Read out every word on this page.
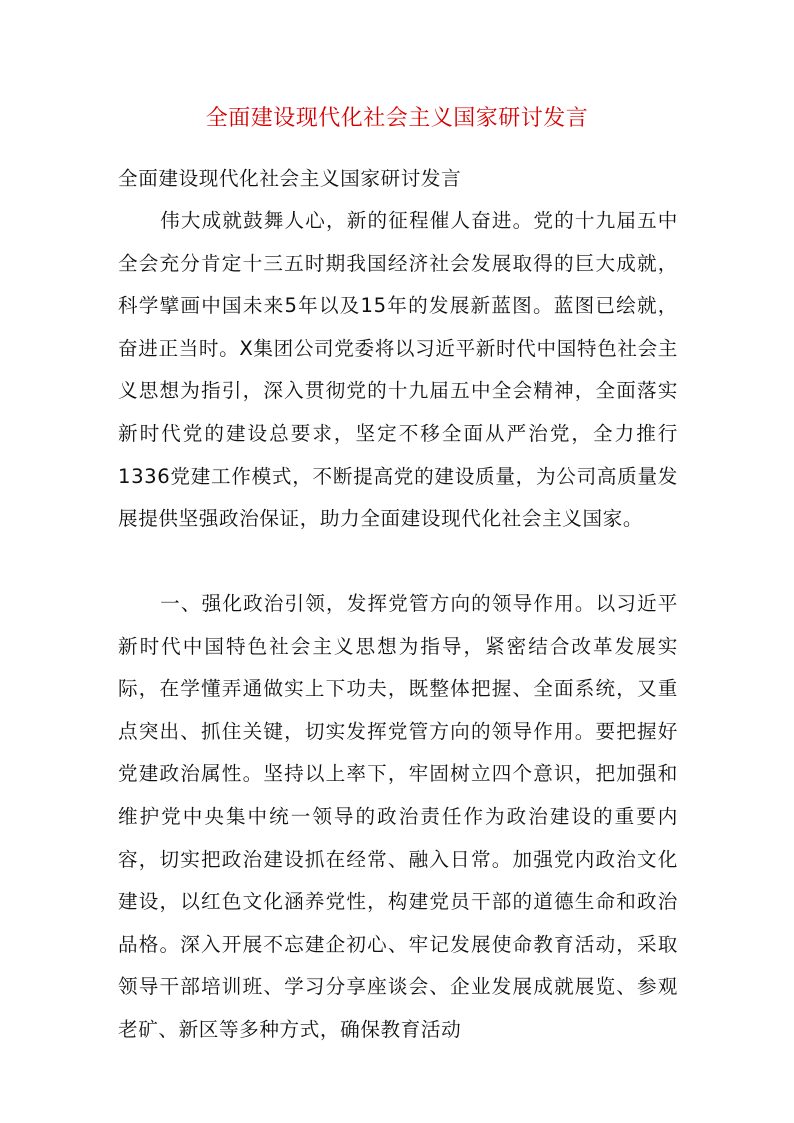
全面建设现代化社会主义国家研讨发言

全面建设现代化社会主义国家研讨发言

伟大成就鼓舞人心，新的征程催人奋进。党的十九届五中全会充分肯定十三五时期我国经济社会发展取得的巨大成就，科学擘画中国未来5年以及15年的发展新蓝图。蓝图已绘就，奋进正当时。X集团公司党委将以习近平新时代中国特色社会主义思想为指引，深入贯彻党的十九届五中全会精神，全面落实新时代党的建设总要求，坚定不移全面从严治党，全力推行1336党建工作模式，不断提高党的建设质量，为公司高质量发展提供坚强政治保证，助力全面建设现代化社会主义国家。

一、强化政治引领，发挥党管方向的领导作用。以习近平新时代中国特色社会主义思想为指导，紧密结合改革发展实际，在学懂弄通做实上下功夫，既整体把握、全面系统，又重点突出、抓住关键，切实发挥党管方向的领导作用。要把握好党建政治属性。坚持以上率下，牢固树立四个意识，把加强和维护党中央集中统一领导的政治责任作为政治建设的重要内容，切实把政治建设抓在经常、融入日常。加强党内政治文化建设，以红色文化涵养党性，构建党员干部的道德生命和政治品格。深入开展不忘建企初心、牢记发展使命教育活动，采取领导干部培训班、学习分享座谈会、企业发展成就展览、参观老矿、新区等多种方式，确保教育活动
